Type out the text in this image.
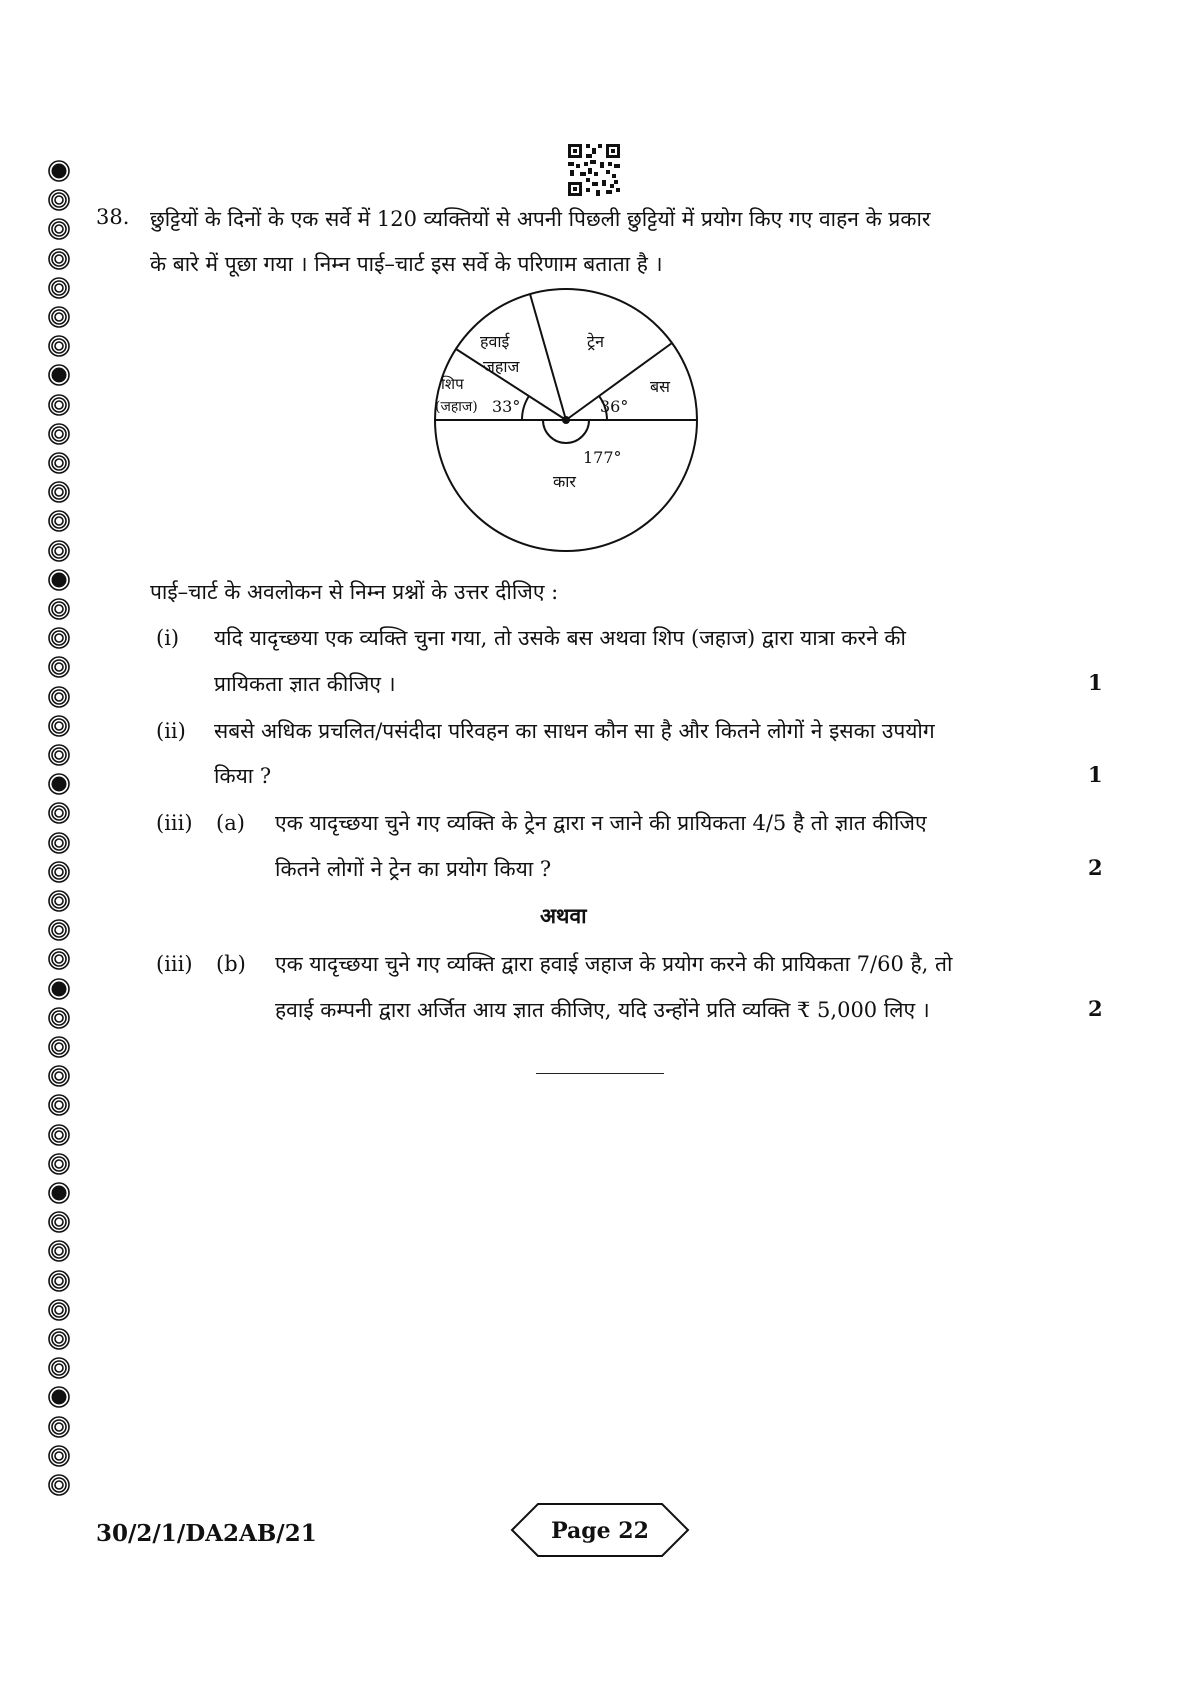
38. छुट्टियों के दिनों के एक सर्वे में 120 व्यक्तियों से अपनी पिछली छुट्टियों में प्रयोग किए गए वाहन के प्रकार
के बारे में पूछा गया । निम्न पाई–चार्ट इस सर्वे के परिणाम बताता है ।
ट्रेन
हवाई
जहाज
शिप
(जहाज) 33°
बस
36°
177°
कार
पाई–चार्ट के अवलोकन से निम्न प्रश्नों के उत्तर दीजिए :
(i) यदि यादृच्छया एक व्यक्ति चुना गया, तो उसके बस अथवा शिप (जहाज) द्वारा यात्रा करने की
प्रायिकता ज्ञात कीजिए ।	1
(ii) सबसे अधिक प्रचलित/पसंदीदा परिवहन का साधन कौन सा है और कितने लोगों ने इसका उपयोग
किया ?	1
(iii) (a) एक यादृच्छया चुने गए व्यक्ति के ट्रेन द्वारा न जाने की प्रायिकता 4/5 है तो ज्ञात कीजिए
कितने लोगों ने ट्रेन का प्रयोग किया ?	2
अथवा
(iii) (b) एक यादृच्छया चुने गए व्यक्ति द्वारा हवाई जहाज के प्रयोग करने की प्रायिकता 7/60 है, तो
हवाई कम्पनी द्वारा अर्जित आय ज्ञात कीजिए, यदि उन्होंने प्रति व्यक्ति ₹ 5,000 लिए ।	2
30/2/1/DA2AB/21	Page 22
